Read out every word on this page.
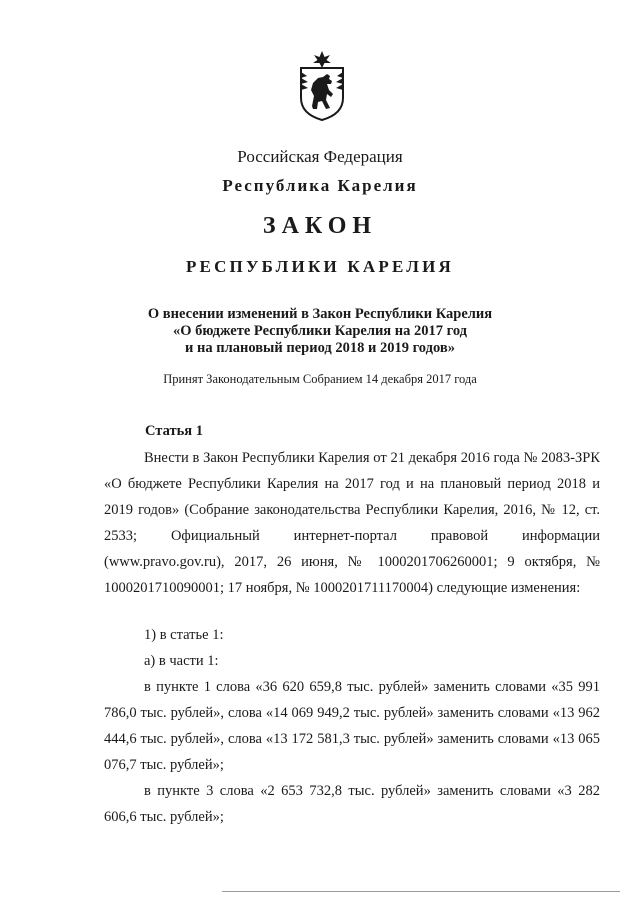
Российская Федерация

Республика Карелия

ЗАКОН

РЕСПУБЛИКИ КАРЕЛИЯ

О внесении изменений в Закон Республики Карелия
«О бюджете Республики Карелия на 2017 год
и на плановый период 2018 и 2019 годов»

Принят Законодательным Собранием 14 декабря 2017 года

Статья 1

Внести в Закон Республики Карелия от 21 декабря 2016 года № 2083-ЗРК «О бюджете Республики Карелия на 2017 год и на плановый период 2018 и 2019 годов» (Собрание законодательства Республики Карелия, 2016, № 12, ст. 2533; Официальный интернет-портал правовой информации (www.pravo.gov.ru), 2017, 26 июня, № 1000201706260001; 9 октября, № 1000201710090001; 17 ноября, № 1000201711170004) следующие изменения:

1) в статье 1:

а) в части 1:

в пункте 1 слова «36 620 659,8 тыс. рублей» заменить словами «35 991 786,0 тыс. рублей», слова «14 069 949,2 тыс. рублей» заменить словами «13 962 444,6 тыс. рублей», слова «13 172 581,3 тыс. рублей» заменить словами «13 065 076,7 тыс. рублей»;

в пункте 3 слова «2 653 732,8 тыс. рублей» заменить словами «3 282 606,6 тыс. рублей»;
